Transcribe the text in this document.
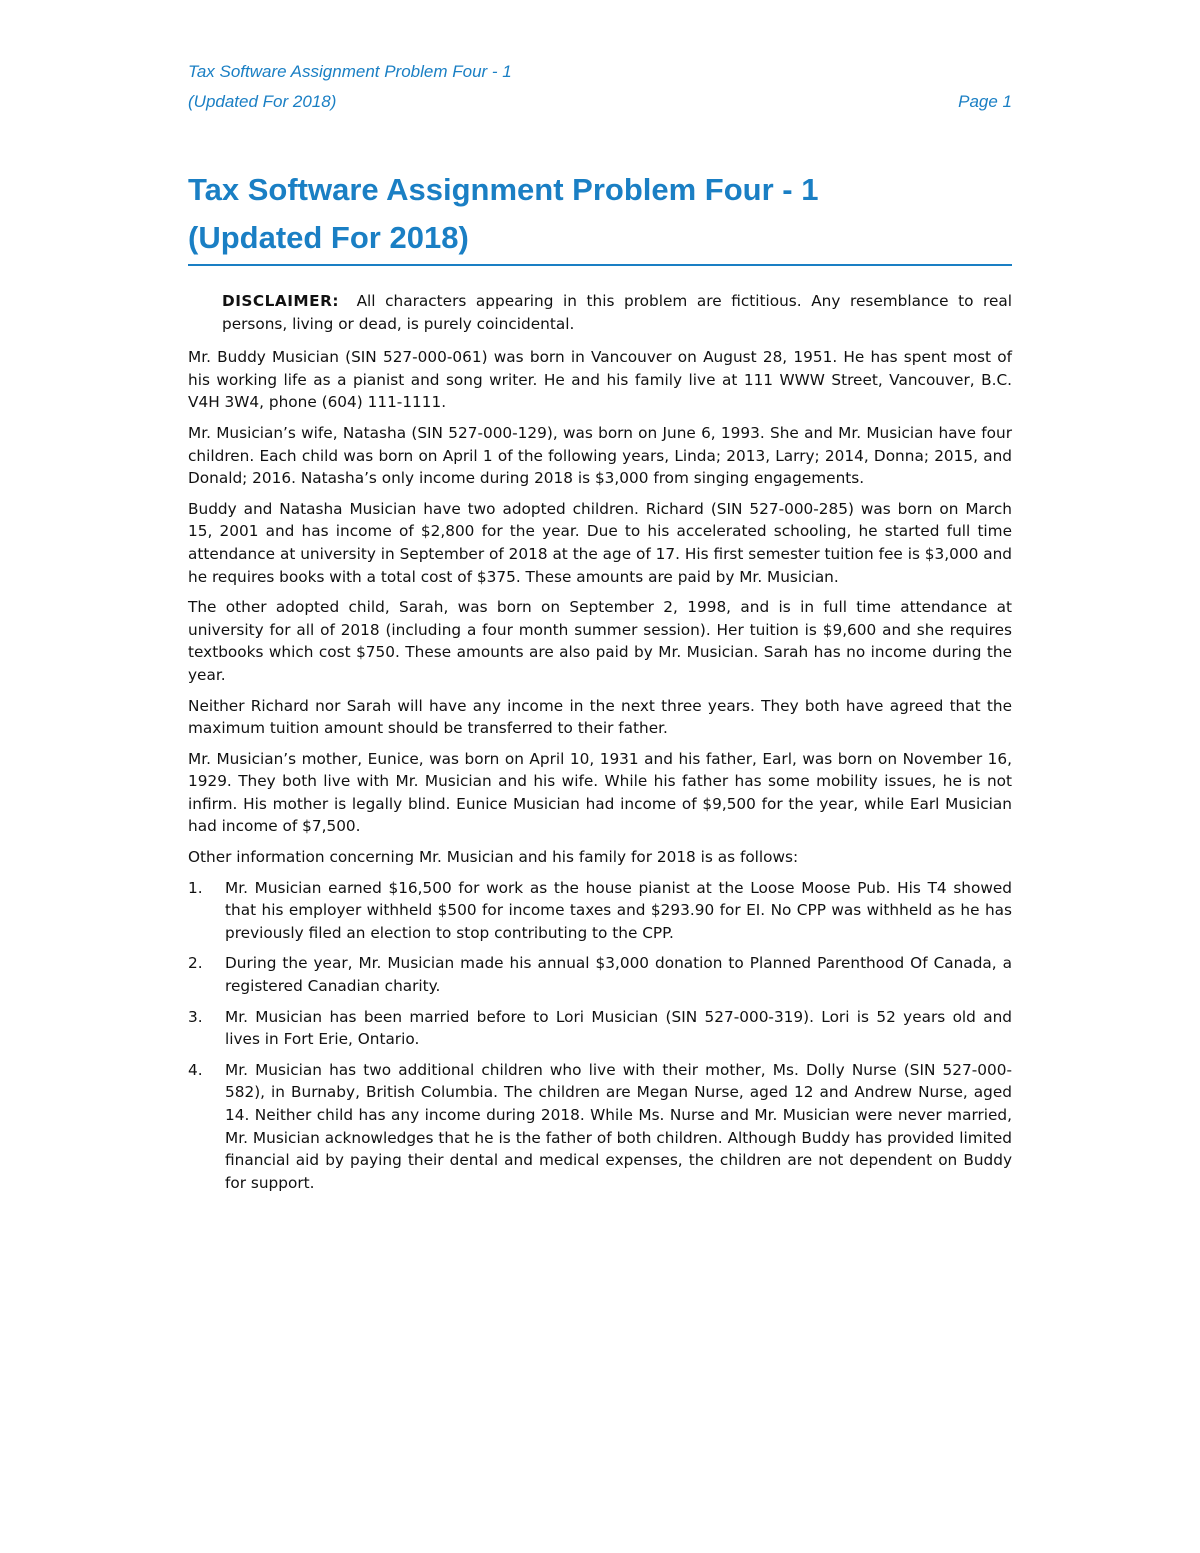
Tax Software Assignment Problem Four - 1
(Updated For 2018)	Page 1
Tax Software Assignment Problem Four - 1
(Updated For 2018)
DISCLAIMER: All characters appearing in this problem are fictitious. Any resemblance to real persons, living or dead, is purely coincidental.

Mr. Buddy Musician (SIN 527-000-061) was born in Vancouver on August 28, 1951. He has spent most of his working life as a pianist and song writer. He and his family live at 111 WWW Street, Vancouver, B.C. V4H 3W4, phone (604) 111-1111.

Mr. Musician’s wife, Natasha (SIN 527-000-129), was born on June 6, 1993. She and Mr. Musician have four children. Each child was born on April 1 of the following years, Linda; 2013, Larry; 2014, Donna; 2015, and Donald; 2016. Natasha’s only income during 2018 is $3,000 from singing engagements.

Buddy and Natasha Musician have two adopted children. Richard (SIN 527-000-285) was born on March 15, 2001 and has income of $2,800 for the year. Due to his accelerated schooling, he started full time attendance at university in September of 2018 at the age of 17. His first semester tuition fee is $3,000 and he requires books with a total cost of $375. These amounts are paid by Mr. Musician.

The other adopted child, Sarah, was born on September 2, 1998, and is in full time attendance at university for all of 2018 (including a four month summer session). Her tuition is $9,600 and she requires textbooks which cost $750. These amounts are also paid by Mr. Musician. Sarah has no income during the year.

Neither Richard nor Sarah will have any income in the next three years. They both have agreed that the maximum tuition amount should be transferred to their father.

Mr. Musician’s mother, Eunice, was born on April 10, 1931 and his father, Earl, was born on November 16, 1929. They both live with Mr. Musician and his wife. While his father has some mobility issues, he is not infirm. His mother is legally blind. Eunice Musician had income of $9,500 for the year, while Earl Musician had income of $7,500.

Other information concerning Mr. Musician and his family for 2018 is as follows:

1. Mr. Musician earned $16,500 for work as the house pianist at the Loose Moose Pub. His T4 showed that his employer withheld $500 for income taxes and $293.90 for EI. No CPP was withheld as he has previously filed an election to stop contributing to the CPP.
2. During the year, Mr. Musician made his annual $3,000 donation to Planned Parenthood Of Canada, a registered Canadian charity.
3. Mr. Musician has been married before to Lori Musician (SIN 527-000-319). Lori is 52 years old and lives in Fort Erie, Ontario.
4. Mr. Musician has two additional children who live with their mother, Ms. Dolly Nurse (SIN 527-000-582), in Burnaby, British Columbia. The children are Megan Nurse, aged 12 and Andrew Nurse, aged 14. Neither child has any income during 2018. While Ms. Nurse and Mr. Musician were never married, Mr. Musician acknowledges that he is the father of both children. Although Buddy has provided limited financial aid by paying their dental and medical expenses, the children are not dependent on Buddy for support.
